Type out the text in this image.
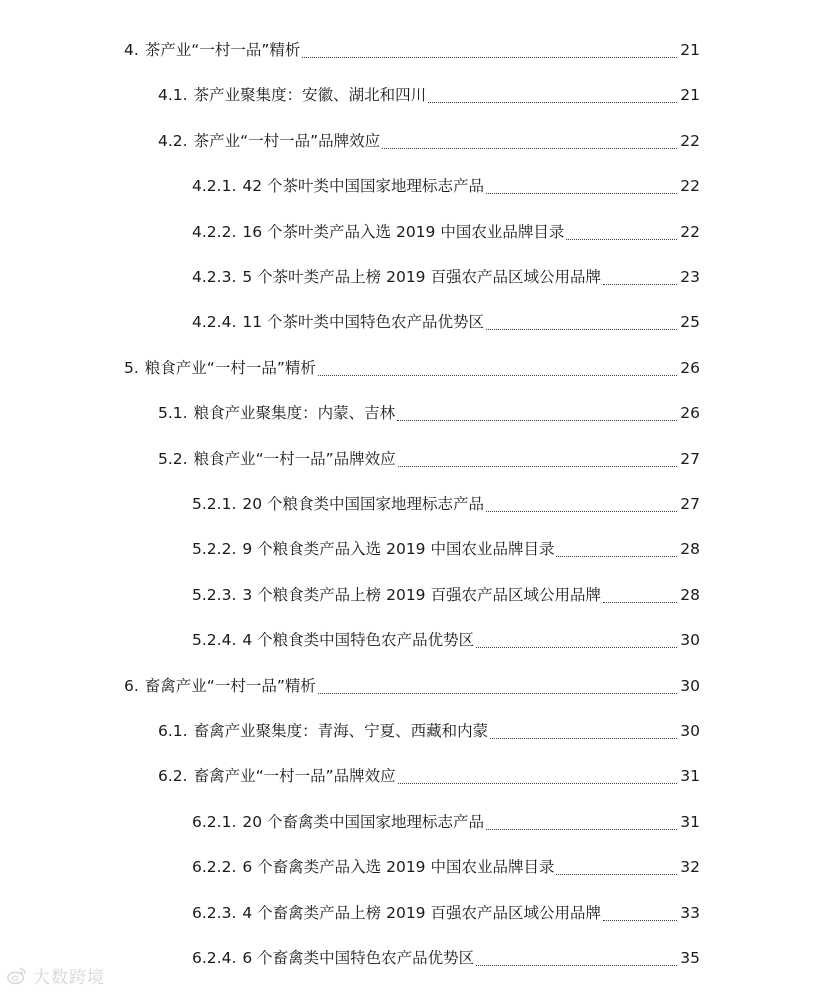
4. 茶产业“一村一品”精析	21
4.1. 茶产业聚集度：安徽、湖北和四川	21
4.2. 茶产业“一村一品”品牌效应	22
4.2.1. 42 个茶叶类中国国家地理标志产品	22
4.2.2. 16 个茶叶类产品入选 2019 中国农业品牌目录	22
4.2.3. 5 个茶叶类产品上榜 2019 百强农产品区域公用品牌	23
4.2.4. 11 个茶叶类中国特色农产品优势区	25
5. 粮食产业“一村一品”精析	26
5.1. 粮食产业聚集度：内蒙、吉林	26
5.2. 粮食产业“一村一品”品牌效应	27
5.2.1. 20 个粮食类中国国家地理标志产品	27
5.2.2. 9 个粮食类产品入选 2019 中国农业品牌目录	28
5.2.3. 3 个粮食类产品上榜 2019 百强农产品区域公用品牌	28
5.2.4. 4 个粮食类中国特色农产品优势区	30
6. 畜禽产业“一村一品”精析	30
6.1. 畜禽产业聚集度：青海、宁夏、西藏和内蒙	30
6.2. 畜禽产业“一村一品”品牌效应	31
6.2.1. 20 个畜禽类中国国家地理标志产品	31
6.2.2. 6 个畜禽类产品入选 2019 中国农业品牌目录	32
6.2.3. 4 个畜禽类产品上榜 2019 百强农产品区域公用品牌	33
6.2.4. 6 个畜禽类中国特色农产品优势区	35
大数跨境
